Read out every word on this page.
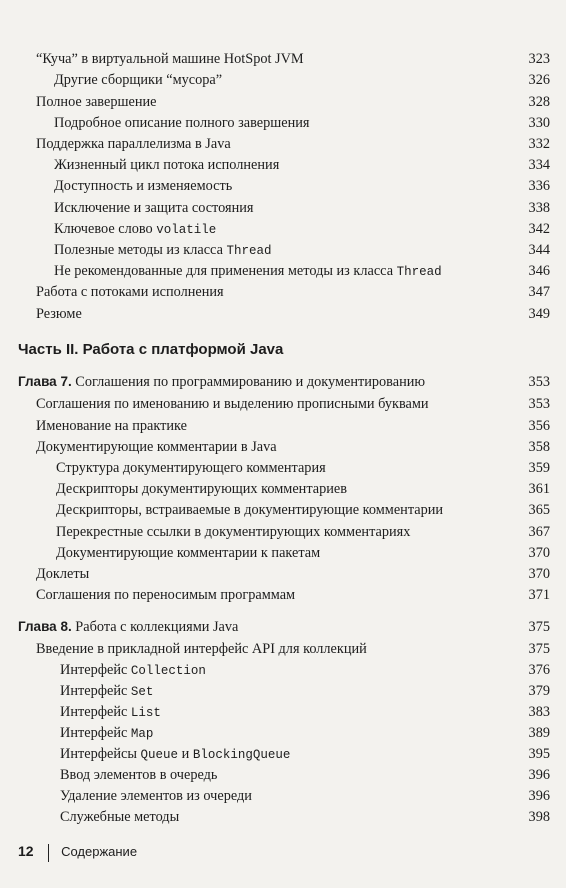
“Куча” в виртуальной машине HotSpot JVM	323
Другие сборщики “мусора”	326
Полное завершение	328
Подробное описание полного завершения	330
Поддержка параллелизма в Java	332
Жизненный цикл потока исполнения	334
Доступность и изменяемость	336
Исключение и защита состояния	338
Ключевое слово volatile	342
Полезные методы из класса Thread	344
Не рекомендованные для применения методы из класса Thread	346
Работа с потоками исполнения	347
Резюме	349
Часть II. Работа с платформой Java
Глава 7. Соглашения по программированию и документированию	353
Соглашения по именованию и выделению прописными буквами	353
Именование на практике	356
Документирующие комментарии в Java	358
Структура документирующего комментария	359
Дескрипторы документирующих комментариев	361
Дескрипторы, встраиваемые в документирующие комментарии	365
Перекрестные ссылки в документирующих комментариях	367
Документирующие комментарии к пакетам	370
Доклеты	370
Соглашения по переносимым программам	371
Глава 8. Работа с коллекциями Java	375
Введение в прикладной интерфейс API для коллекций	375
Интерфейс Collection	376
Интерфейс Set	379
Интерфейс List	383
Интерфейс Map	389
Интерфейсы Queue и BlockingQueue	395
Ввод элементов в очередь	396
Удаление элементов из очереди	396
Служебные методы	398
12 Содержание
